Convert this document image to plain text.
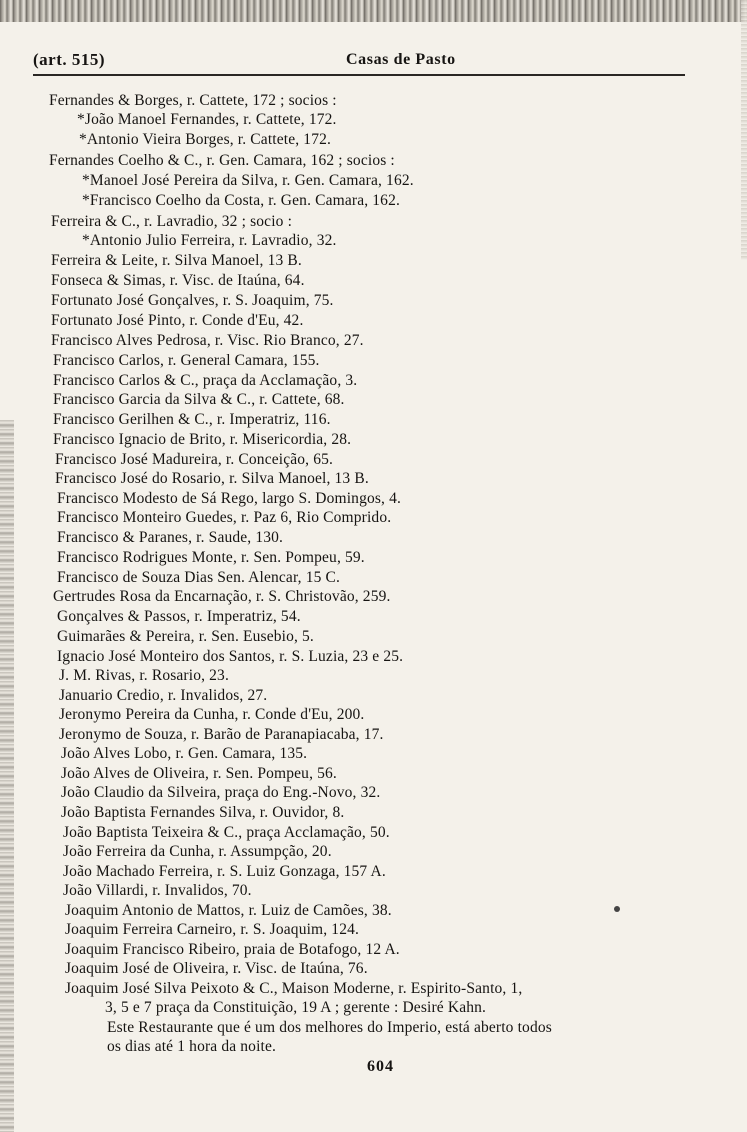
(art. 515)	Casas de Pasto
Fernandes & Borges, r. Cattete, 172 ; socios :
*João Manoel Fernandes, r. Cattete, 172.
*Antonio Vieira Borges, r. Cattete, 172.
Fernandes Coelho & C., r. Gen. Camara, 162 ; socios :
*Manoel José Pereira da Silva, r. Gen. Camara, 162.
*Francisco Coelho da Costa, r. Gen. Camara, 162.
Ferreira & C., r. Lavradio, 32 ; socio :
*Antonio Julio Ferreira, r. Lavradio, 32.
Ferreira & Leite, r. Silva Manoel, 13 B.
Fonseca & Simas, r. Visc. de Itaúna, 64.
Fortunato José Gonçalves, r. S. Joaquim, 75.
Fortunato José Pinto, r. Conde d'Eu, 42.
Francisco Alves Pedrosa, r. Visc. Rio Branco, 27.
Francisco Carlos, r. General Camara, 155.
Francisco Carlos & C., praça da Acclamação, 3.
Francisco Garcia da Silva & C., r. Cattete, 68.
Francisco Gerilhen & C., r. Imperatriz, 116.
Francisco Ignacio de Brito, r. Misericordia, 28.
Francisco José Madureira, r. Conceição, 65.
Francisco José do Rosario, r. Silva Manoel, 13 B.
Francisco Modesto de Sá Rego, largo S. Domingos, 4.
Francisco Monteiro Guedes, r. Paz 6, Rio Comprido.
Francisco & Paranes, r. Saude, 130.
Francisco Rodrigues Monte, r. Sen. Pompeu, 59.
Francisco de Souza Dias Sen. Alencar, 15 C.
Gertrudes Rosa da Encarnação, r. S. Christovão, 259.
Gonçalves & Passos, r. Imperatriz, 54.
Guimarães & Pereira, r. Sen. Eusebio, 5.
Ignacio José Monteiro dos Santos, r. S. Luzia, 23 e 25.
J. M. Rivas, r. Rosario, 23.
Januario Credio, r. Invalidos, 27.
Jeronymo Pereira da Cunha, r. Conde d'Eu, 200.
Jeronymo de Souza, r. Barão de Paranapiacaba, 17.
João Alves Lobo, r. Gen. Camara, 135.
João Alves de Oliveira, r. Sen. Pompeu, 56.
João Claudio da Silveira, praça do Eng.-Novo, 32.
João Baptista Fernandes Silva, r. Ouvidor, 8.
João Baptista Teixeira & C., praça Acclamação, 50.
João Ferreira da Cunha, r. Assumpção, 20.
João Machado Ferreira, r. S. Luiz Gonzaga, 157 A.
João Villardi, r. Invalidos, 70.
Joaquim Antonio de Mattos, r. Luiz de Camões, 38.
Joaquim Ferreira Carneiro, r. S. Joaquim, 124.
Joaquim Francisco Ribeiro, praia de Botafogo, 12 A.
Joaquim José de Oliveira, r. Visc. de Itaúna, 76.
Joaquim José Silva Peixoto & C., Maison Moderne, r. Espirito-Santo, 1,
3, 5 e 7 praça da Constituição, 19 A ; gerente : Desiré Kahn.
Este Restaurante que é um dos melhores do Imperio, está aberto todos
os dias até 1 hora da noite.
604
